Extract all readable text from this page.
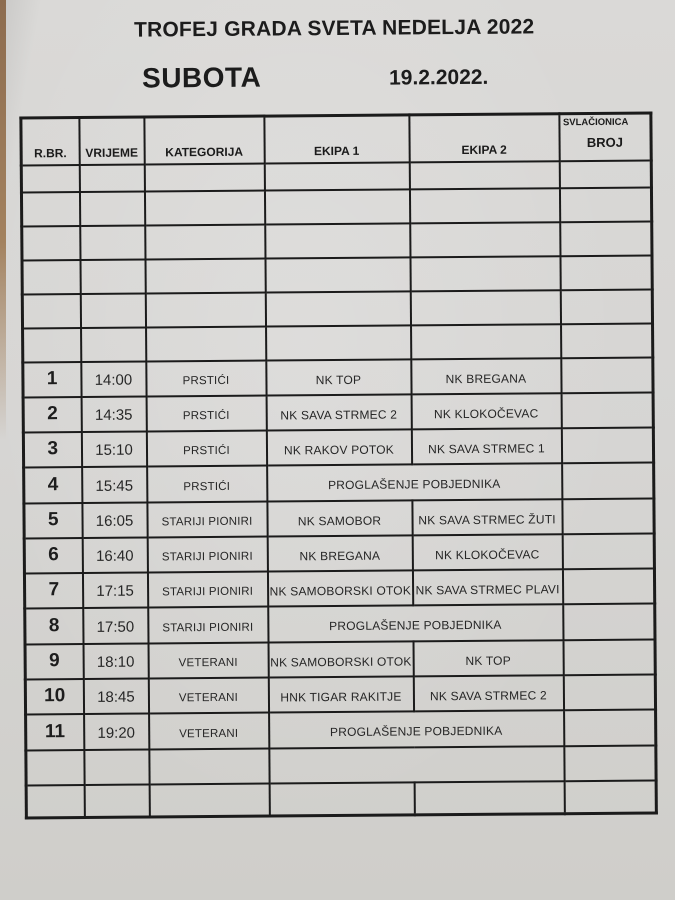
TROFEJ GRADA SVETA NEDELJA 2022
SUBOTA	19.2.2022.
R.BR.	VRIJEME	KATEGORIJA	EKIPA 1	EKIPA 2	SVLAČIONICA
BROJ

1	14:00	PRSTIĆI	NK TOP	NK BREGANA	
2	14:35	PRSTIĆI	NK SAVA STRMEC 2	NK KLOKOČEVAC	
3	15:10	PRSTIĆI	NK RAKOV POTOK	NK SAVA STRMEC 1	
4	15:45	PRSTIĆI	PROGLAŠENJE POBJEDNIKA		
5	16:05	STARIJI PIONIRI	NK SAMOBOR	NK SAVA STRMEC ŽUTI	
6	16:40	STARIJI PIONIRI	NK BREGANA	NK KLOKOČEVAC	
7	17:15	STARIJI PIONIRI	NK SAMOBORSKI OTOK	NK SAVA STRMEC PLAVI	
8	17:50	STARIJI PIONIRI	PROGLAŠENJE POBJEDNIKA		
9	18:10	VETERANI	NK SAMOBORSKI OTOK	NK TOP	
10	18:45	VETERANI	HNK TIGAR RAKITJE	NK SAVA STRMEC 2	
11	19:20	VETERANI	PROGLAŠENJE POBJEDNIKA		
